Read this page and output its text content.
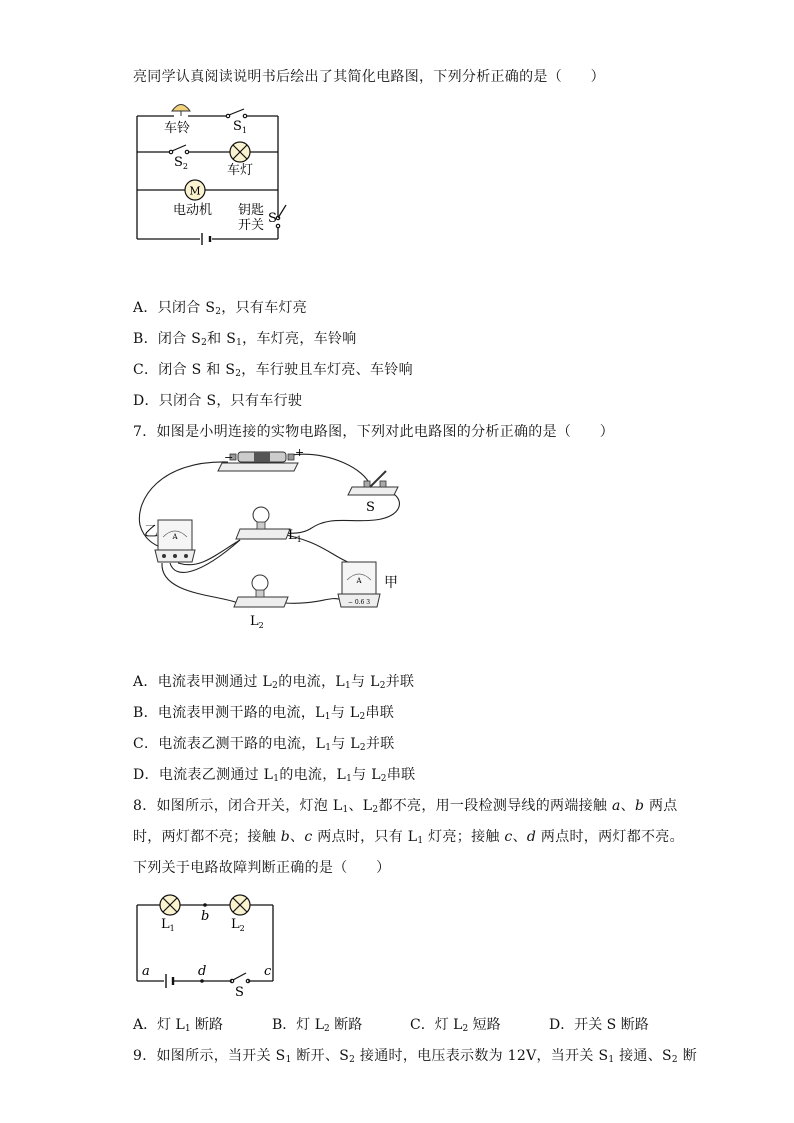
亮同学认真阅读说明书后绘出了其简化电路图，下列分析正确的是（　　）
M
车铃	$S_1$
$S_2$	车灯
电动机 钥匙
开关 S
A．只闭合 $S_2$，只有车灯亮
B．闭合 $S_2$和 $S_1$，车灯亮，车铃响
C．闭合 S 和 $S_2$，车行驶且车灯亮、车铃响
D．只闭合 S，只有车行驶
7．如图是小明连接的实物电路图，下列对此电路图的分析正确的是（　　）
−	+
S
A
乙	$L_1$
A
− 0.6 3
甲
$L_2$
A．电流表甲测通过 $L_2$的电流，$L_1$与 $L_2$并联
B．电流表甲测干路的电流，$L_1$与 $L_2$串联
C．电流表乙测干路的电流，$L_1$与 $L_2$并联
D．电流表乙测通过 $L_1$的电流，$L_1$与 $L_2$串联
8．如图所示，闭合开关，灯泡 $L_1$、$L_2$都不亮，用一段检测导线的两端接触 a、b 两点
时，两灯都不亮；接触 b、c 两点时，只有 $L_1$ 灯亮；接触 c、d 两点时，两灯都不亮。
下列关于电路故障判断正确的是（　　）
$L_1$	$L_2$
b
a	d	c
S
A．灯 $L_1$ 断路	B．灯 $L_2$ 断路	C．灯 $L_2$ 短路	D．开关 S 断路
9．如图所示，当开关 $S_1$ 断开、$S_2$ 接通时，电压表示数为 12V，当开关 $S_1$ 接通、$S_2$ 断
